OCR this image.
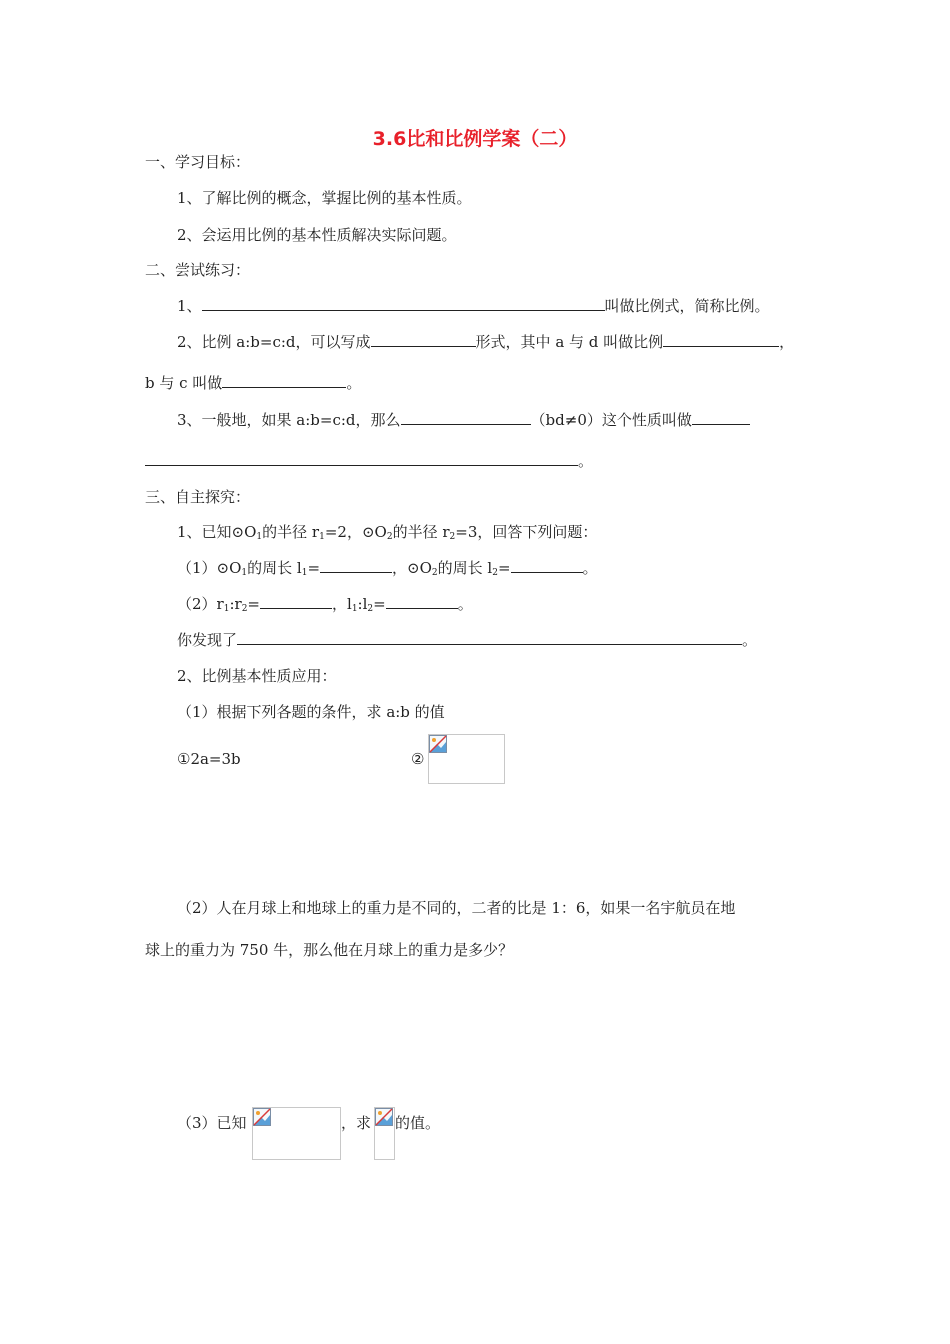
3.6比和比例学案（二）
一、学习目标：
1、了解比例的概念，掌握比例的基本性质。
2、会运用比例的基本性质解决实际问题。
二、尝试练习：
1、	叫做比例式，简称比例。
2、比例 a:b=c:d，可以写成	形式，其中 a 与 d 叫做比例	，
b 与 c 叫做	。
3、一般地，如果 a:b=c:d，那么	（bd≠0）这个性质叫做
。
三、自主探究：
1、已知$⊙O_1$的半径 $r_1=2$，$⊙O_2$的半径 $r_2=3$，回答下列问题：
$(1)⊙O_1$的周长 $l_1=$	，$⊙O_2$的周长 $l_2=$	。
$(2)r_1:r_2=$	，$l_1:l_2=$	。
你发现了	。
2、比例基本性质应用：
（1）根据下列各题的条件，求 a:b 的值
①2a=3b	②
（2）人在月球上和地球上的重力是不同的，二者的比是 1：6，如果一名宇航员在地
球上的重力为 750 牛，那么他在月球上的重力是多少？
（3）已知	，求 的值。
